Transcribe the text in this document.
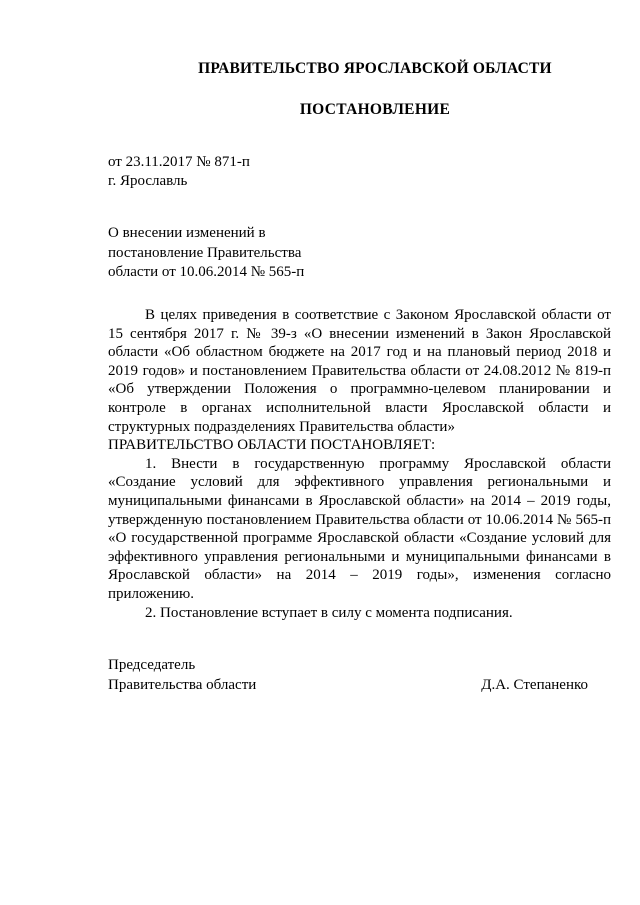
ПРАВИТЕЛЬСТВО ЯРОСЛАВСКОЙ ОБЛАСТИ
ПОСТАНОВЛЕНИЕ
от 23.11.2017 № 871-п
г. Ярославль
О внесении изменений в
постановление Правительства
области от 10.06.2014 № 565-п

В целях приведения в соответствие с Законом Ярославской области от 15 сентября 2017 г. № 39-з «О внесении изменений в Закон Ярославской области «Об областном бюджете на 2017 год и на плановый период 2018 и 2019 годов» и постановлением Правительства области от 24.08.2012 № 819-п «Об утверждении Положения о программно-целевом планировании и контроле в органах исполнительной власти Ярославской области и структурных подразделениях Правительства области»

ПРАВИТЕЛЬСТВО ОБЛАСТИ ПОСТАНОВЛЯЕТ:

1. Внести в государственную программу Ярославской области «Создание условий для эффективного управления региональными и муниципальными финансами в Ярославской области» на 2014 – 2019 годы, утвержденную постановлением Правительства области от 10.06.2014 № 565-п «О государственной программе Ярославской области «Создание условий для эффективного управления региональными и муниципальными финансами в Ярославской области» на 2014 – 2019 годы», изменения согласно приложению.

2. Постановление вступает в силу с момента подписания.

Председатель
Правительства области	Д.А. Степаненко
